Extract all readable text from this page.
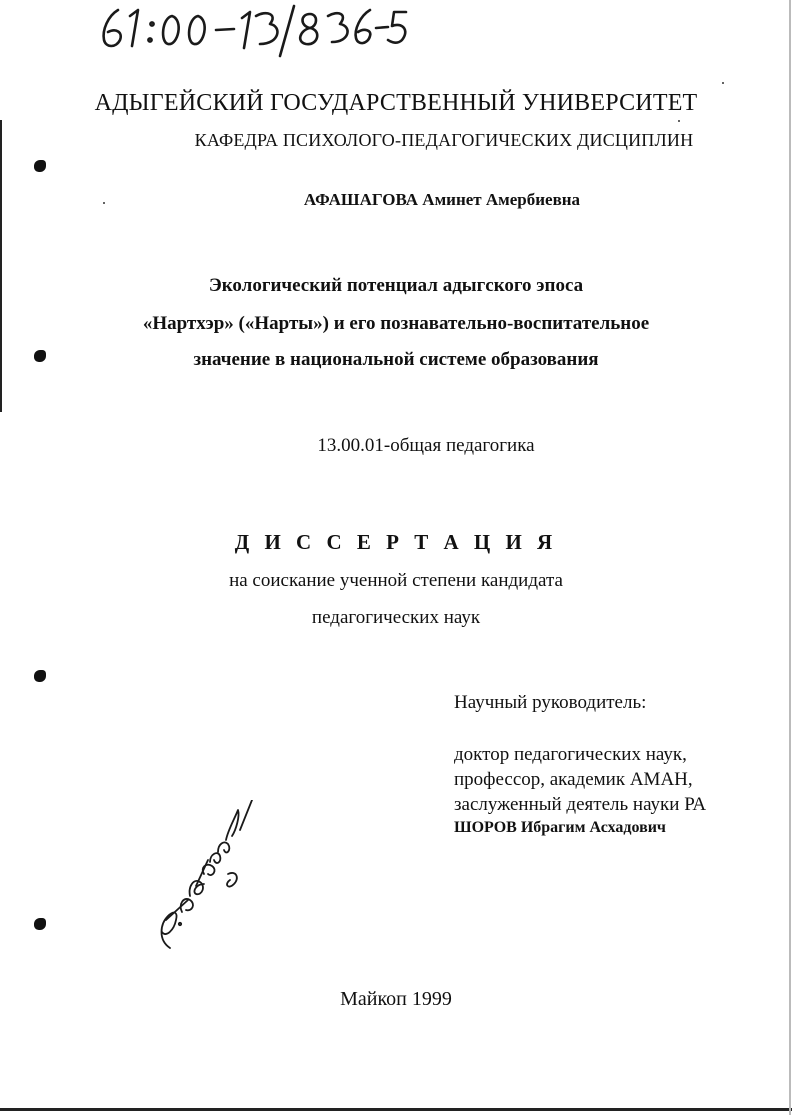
АДЫГЕЙСКИЙ ГОСУДАРСТВЕННЫЙ УНИВЕРСИТЕТ
КАФЕДРА ПСИХОЛОГО-ПЕДАГОГИЧЕСКИХ ДИСЦИПЛИН
АФАШАГОВА Аминет Амербиевна
Экологический потенциал адыгского эпоса
«Нартхэр» («Нарты») и его познавательно-воспитательное
значение в национальной системе образования
13.00.01-общая педагогика
Д И С С Е Р Т А Ц И Я
на соискание ученной степени кандидата
педагогических наук
Научный руководитель:
доктор педагогических наук,
профессор, академик АМАН,
заслуженный деятель науки РА
ШОРОВ Ибрагим Асхадович
Майкоп 1999
